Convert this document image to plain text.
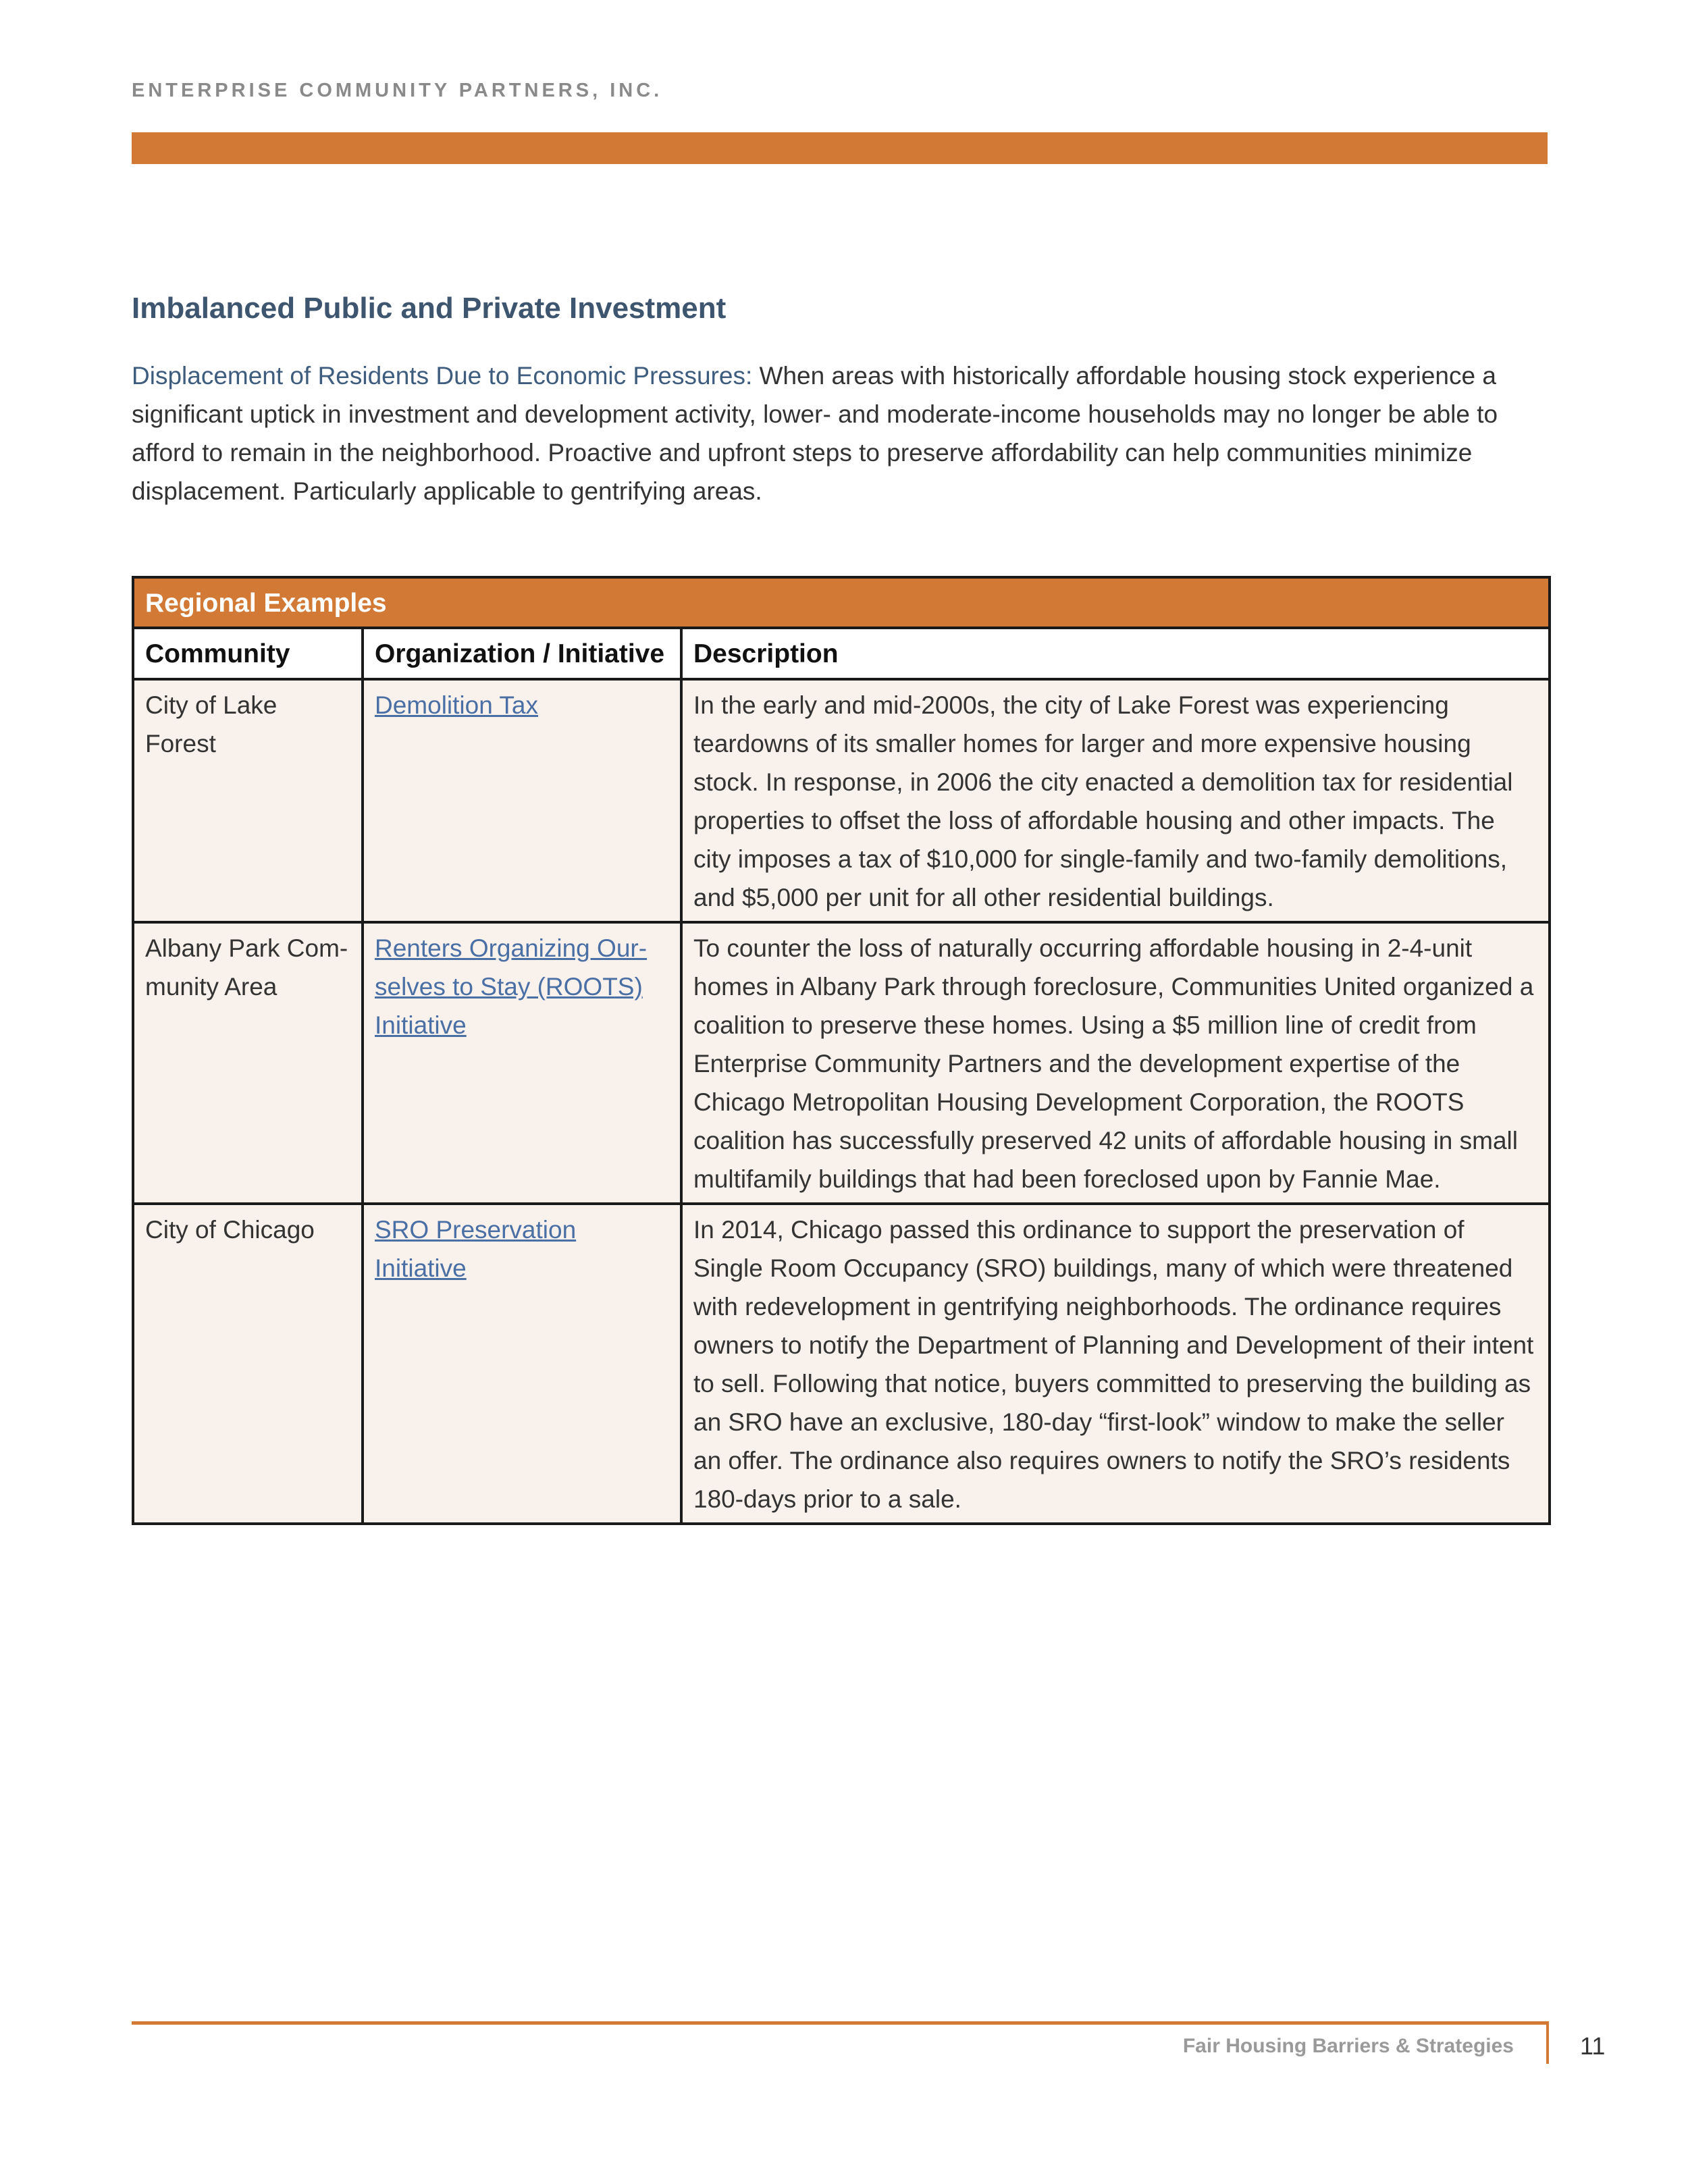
ENTERPRISE COMMUNITY PARTNERS, INC.
Imbalanced Public and Private Investment

Displacement of Residents Due to Economic Pressures: When areas with historically affordable housing stock experience a significant uptick in investment and development activity, lower- and moderate-income households may no longer be able to afford to remain in the neighborhood. Proactive and upfront steps to preserve affordability can help communities minimize displacement. Particularly applicable to gentrifying areas.

Regional Examples		
Community	Organization / Initiative	Description
City of Lake Forest	Demolition Tax	In the early and mid-2000s, the city of Lake Forest was experiencing teardowns of its smaller homes for larger and more expensive housing stock. In response, in 2006 the city enacted a demolition tax for residential properties to offset the loss of affordable housing and other impacts. The city imposes a tax of $10,000 for single-family and two-family demolitions, and $5,000 per unit for all other residential buildings.
Albany Park Com-munity Area	Renters Organizing Our-selves to Stay (ROOTS) Initiative	To counter the loss of naturally occurring affordable housing in 2-4-unit homes in Albany Park through foreclosure, Communities United organized a coalition to preserve these homes. Using a $5 million line of credit from Enterprise Community Partners and the development expertise of the Chicago Metropolitan Housing Development Corporation, the ROOTS coalition has successfully preserved 42 units of affordable housing in small multifamily buildings that had been foreclosed upon by Fannie Mae.
City of Chicago	SRO Preservation Initiative	In 2014, Chicago passed this ordinance to support the preservation of Single Room Occupancy (SRO) buildings, many of which were threatened with redevelopment in gentrifying neighborhoods. The ordinance requires owners to notify the Department of Planning and Development of their intent to sell. Following that notice, buyers committed to preserving the building as an SRO have an exclusive, 180-day “first-look” window to make the seller an offer. The ordinance also requires owners to notify the SRO’s residents 180-days prior to a sale.
Fair Housing Barriers & Strategies	11
